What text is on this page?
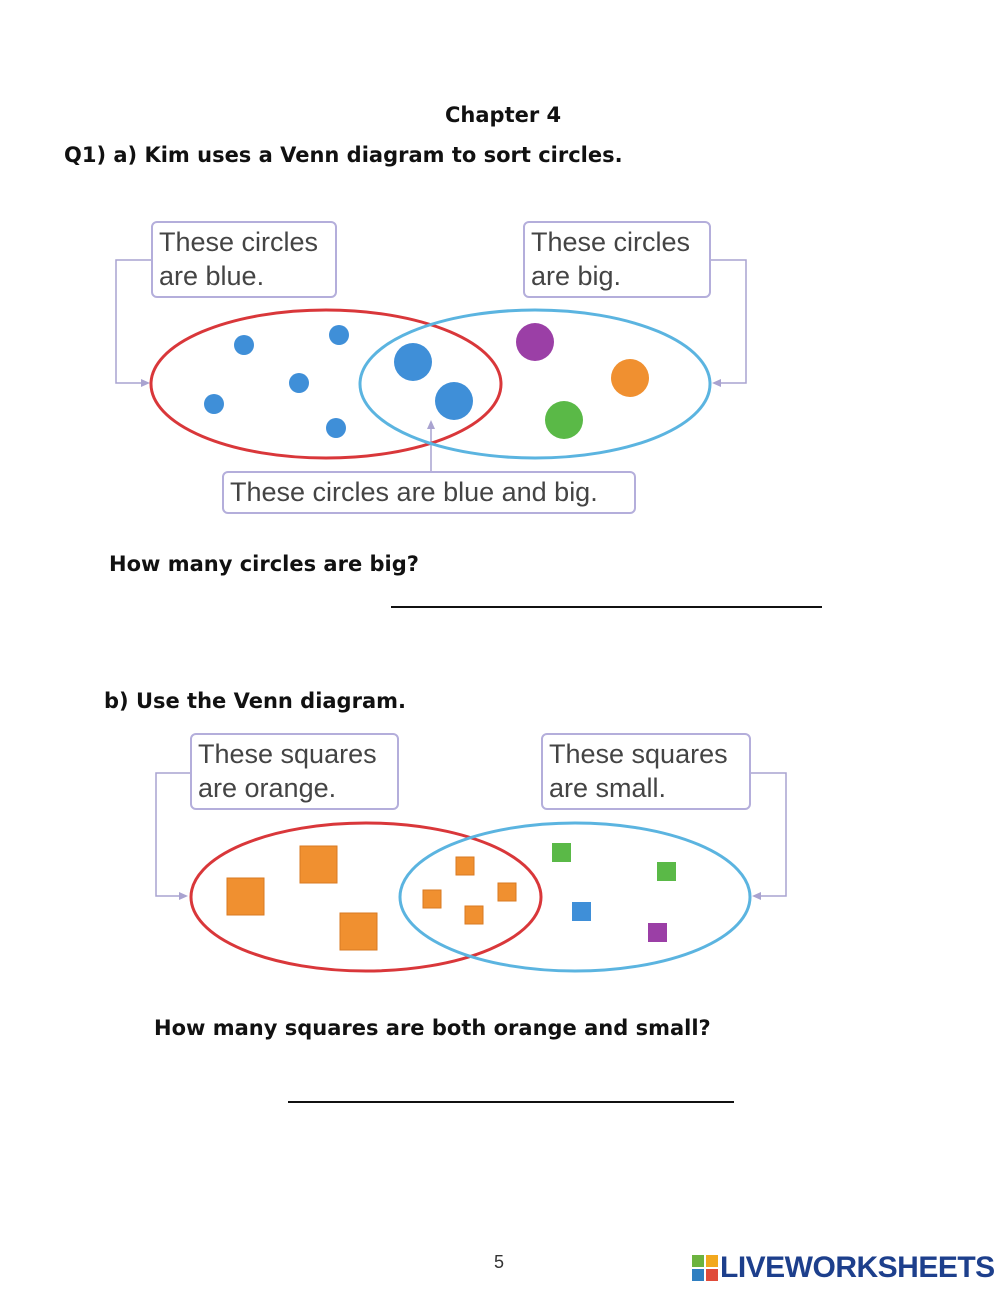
Chapter 4
Q1) a) Kim uses a Venn diagram to sort circles.
These circles
are blue.
These circles
are big.
These circles are blue and big.
How many circles are big?
b) Use the Venn diagram.
These squares
are orange.
These squares
are small.
How many squares are both orange and small?
5	LIVEWORKSHEETS
